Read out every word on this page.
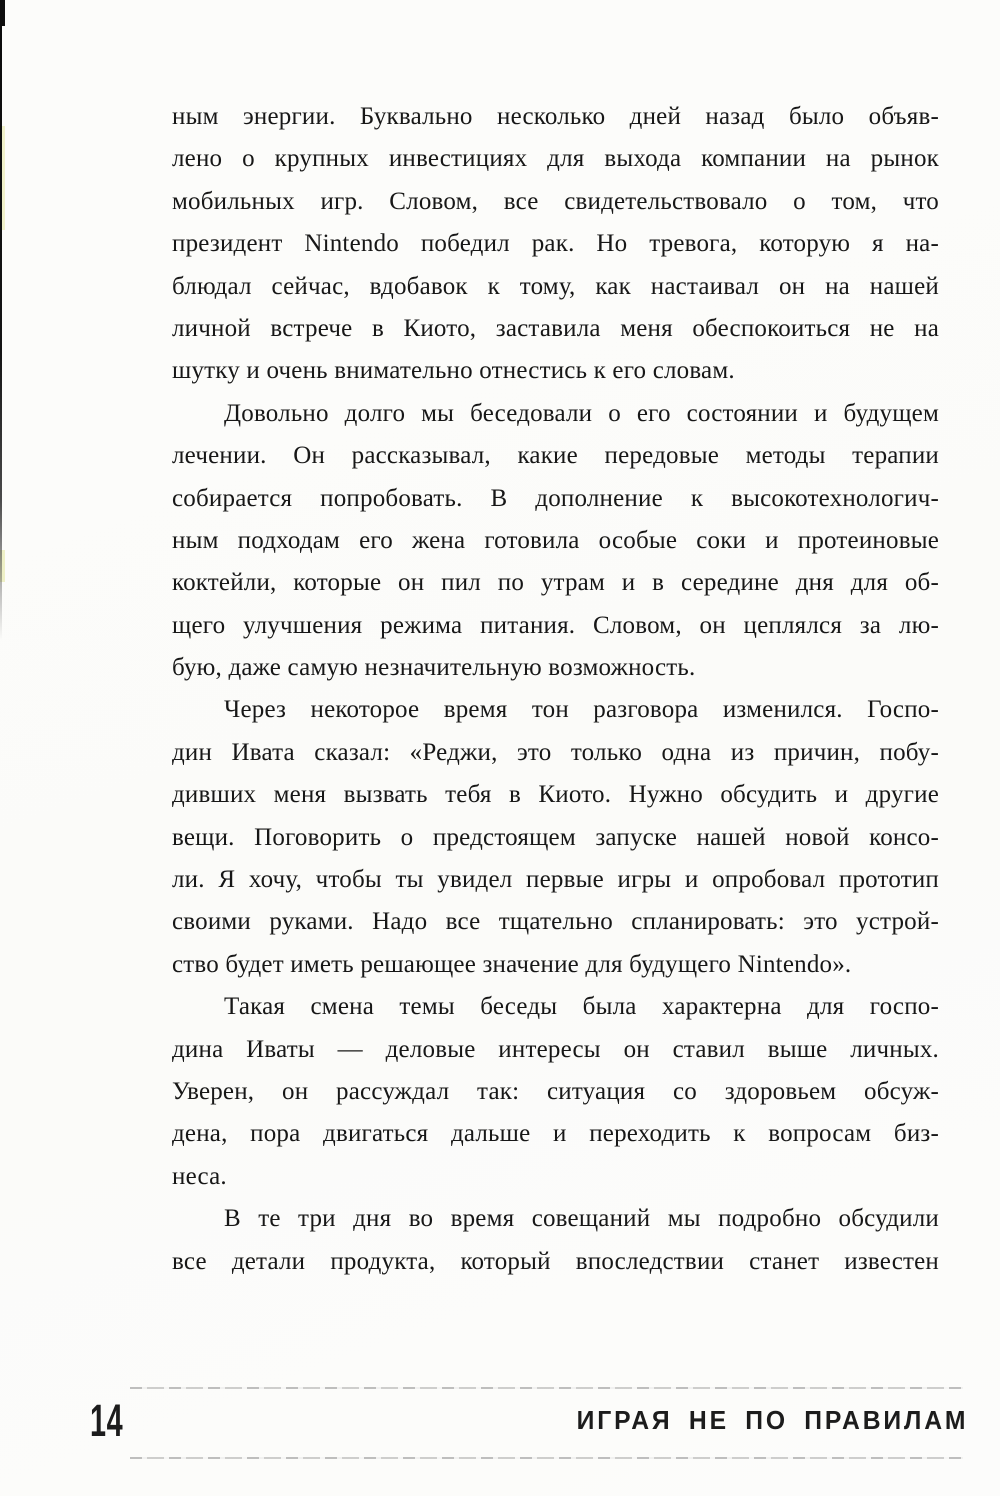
ным энергии. Буквально несколько дней назад было объяв-
лено о крупных инвестициях для выхода компании на рынок
мобильных игр. Словом, все свидетельствовало о том, что
президент Nintendo победил рак. Но тревога, которую я на-
блюдал сейчас, вдобавок к тому, как настаивал он на нашей
личной встрече в Киото, заставила меня обеспокоиться не на
шутку и очень внимательно отнестись к его словам.
Довольно долго мы беседовали о его состоянии и будущем
лечении. Он рассказывал, какие передовые методы терапии
собирается попробовать. В дополнение к высокотехнологич-
ным подходам его жена готовила особые соки и протеиновые
коктейли, которые он пил по утрам и в середине дня для об-
щего улучшения режима питания. Словом, он цеплялся за лю-
бую, даже самую незначительную возможность.
Через некоторое время тон разговора изменился. Госпо-
дин Ивата сказал: «Реджи, это только одна из причин, побу-
дивших меня вызвать тебя в Киото. Нужно обсудить и другие
вещи. Поговорить о предстоящем запуске нашей новой консо-
ли. Я хочу, чтобы ты увидел первые игры и опробовал прототип
своими руками. Надо все тщательно спланировать: это устрой-
ство будет иметь решающее значение для будущего Nintendo».
Такая смена темы беседы была характерна для госпо-
дина Иваты — деловые интересы он ставил выше личных.
Уверен, он рассуждал так: ситуация со здоровьем обсуж-
дена, пора двигаться дальше и переходить к вопросам биз-
неса.
В те три дня во время совещаний мы подробно обсудили
все детали продукта, который впоследствии станет известен
14	ИГРАЯ НЕ ПО ПРАВИЛАМ
